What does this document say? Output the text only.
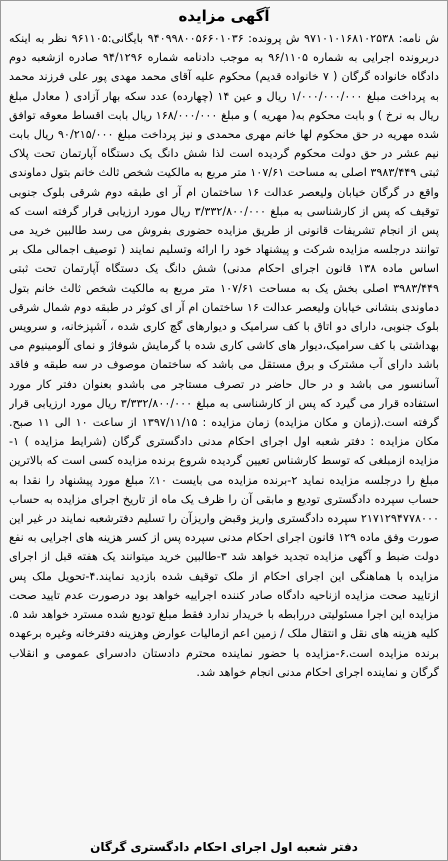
آگهی مزایده
ش نامه: ۹۷۱۰۱۰۱۶۸۱۰۲۵۳۸ ش پرونده: ۹۴۰۹۹۸۰۰۵۶۶۰۱۰۳۶ بایگانی:۹۶۱۱۰۵ نظر به اینکه دربرونده اجرایی به شماره ۹۶/۱۱۰۵ به موجب دادنامه شماره ۹۴/۱۲۹۶ صادره ازشعبه دوم دادگاه خانواده گرگان ( ۷ خانواده قدیم) محکوم علیه آقای محمد مهدی پور علی فرزند محمد به پرداخت مبلغ ۱/۰۰۰/۰۰۰/۰۰۰ ریال و عین ۱۴ (چهارده) عدد سکه بهار آزادی ( معادل مبلغ ریال به نرخ ) و بابت محکوم به( مهریه ) و مبلغ ۱۶۸/۰۰۰/۰۰۰ ریال بابت اقساط معوقه توافق شده مهریه در حق محکوم لها خانم مهری محمدی و نیز پرداخت مبلغ ۹۰/۲۱۵/۰۰۰ ریال بابت نیم عشر در حق دولت محکوم گردیده است لذا شش دانگ یک دستگاه آپارتمان تحت پلاک ثبتی ۳۹۸۳/۴۴۹ اصلی به مساحت ۱۰۷/۶۱ متر مربع به مالکیت شخص ثالث خانم بتول دماوندی واقع در گرگان خیابان ولیعصر عدالت ۱۶ ساختمان ام آر ای طبقه دوم شرقی بلوک جنوبی توقیف که پس از کارشناسی به مبلغ ۳/۳۳۲/۸۰۰/۰۰۰ ریال مورد ارزیابی قرار گرفته است که پس از انجام تشریفات قانونی از طریق مزایده حضوری بفروش می رسد طالبین خرید می توانند درجلسه مزایده شرکت و پیشنهاد خود را ارائه وتسلیم نمایند ( توصیف اجمالی ملک بر اساس ماده ۱۳۸ قانون اجرای احکام مدنی) شش دانگ یک دستگاه آپارتمان تحت ثبتی ۳۹۸۳/۴۴۹ اصلی بخش یک به مساحت ۱۰۷/۶۱ متر مربع به مالکیت شخص ثالث خانم بتول دماوندی بنشانی خیابان ولیعصر عدالت ۱۶ ساختمان ام آر ای کوثر در طبقه دوم شمال شرقی بلوک جنوبی، دارای دو اتاق با کف سرامیک و دیوارهای گچ کاری شده ، آشپزخانه، و سرویس بهداشتی با کف سرامیک،دیوار های کاشی کاری شده با گرمایش شوفاژ و نمای آلومینیوم می باشد دارای آب مشترک و برق مستقل می باشد که ساختمان موصوف در سه طبقه و فاقد آسانسور می باشد و در حال حاضر در تصرف مستاجر می باشدو بعنوان دفتر کار مورد استفاده قرار می گیرد که پس از کارشناسی به مبلغ ۳/۳۳۲/۸۰۰/۰۰۰ ریال مورد ارزیابی قرار گرفته است.(زمان و مکان مزایده) زمان مزایده : ۱۳۹۷/۱۱/۱۵ از ساعت ۱۰ الی ۱۱ صبح. مکان مزایده : دفتر شعبه اول اجرای احکام مدنی دادگستری گرگان (شرایط مزایده ) ۱- مزایده ازمبلغی که توسط کارشناس تعیین گردیده شروع برنده مزایده کسی است که بالاترین مبلغ را درجلسه مزایده نماید ۲-برنده مزایده می بایست ۱۰٪ مبلغ مورد پیشنهاد را نقدا به حساب سپرده دادگستری تودیع و مابقی آن را ظرف یک ماه از تاریخ اجرای مزایده به حساب ۲۱۷۱۲۹۴۷۷۸۰۰۰ سپرده دادگستری واریز وقبض واریزآن را تسلیم دفترشعبه نمایند در غیر این صورت وفق ماده ۱۲۹ قانون اجرای احکام مدنی سپرده پس از کسر هزینه های اجرایی به نفع دولت ضبط و آگهی مزایده تجدید خواهد شد ۳-طالبین خرید میتوانند یک هفته قبل از اجرای مزایده با هماهنگی این اجرای احکام از ملک توقیف شده بازدید نمایند.۴-تحویل ملک پس ازتایید صحت مزایده ازناحیه دادگاه صادر کننده اجراییه خواهد بود درصورت عدم تایید صحت مزایده این اجرا مسئولیتی دررابطه با خریدار ندارد فقط مبلغ تودیع شده مسترد خواهد شد ۵. کلیه هزینه های نقل و انتقال ملک / زمین اعم ازمالیات عوارض وهزینه دفترخانه وغیره برعهده برنده مزایده است.۶-مزایده با حضور نماینده محترم دادستان دادسرای عمومی و انقلاب گرگان و نماینده اجرای احکام مدنی انجام خواهد شد.
دفتر شعبه اول اجرای احکام دادگستری گرگان
